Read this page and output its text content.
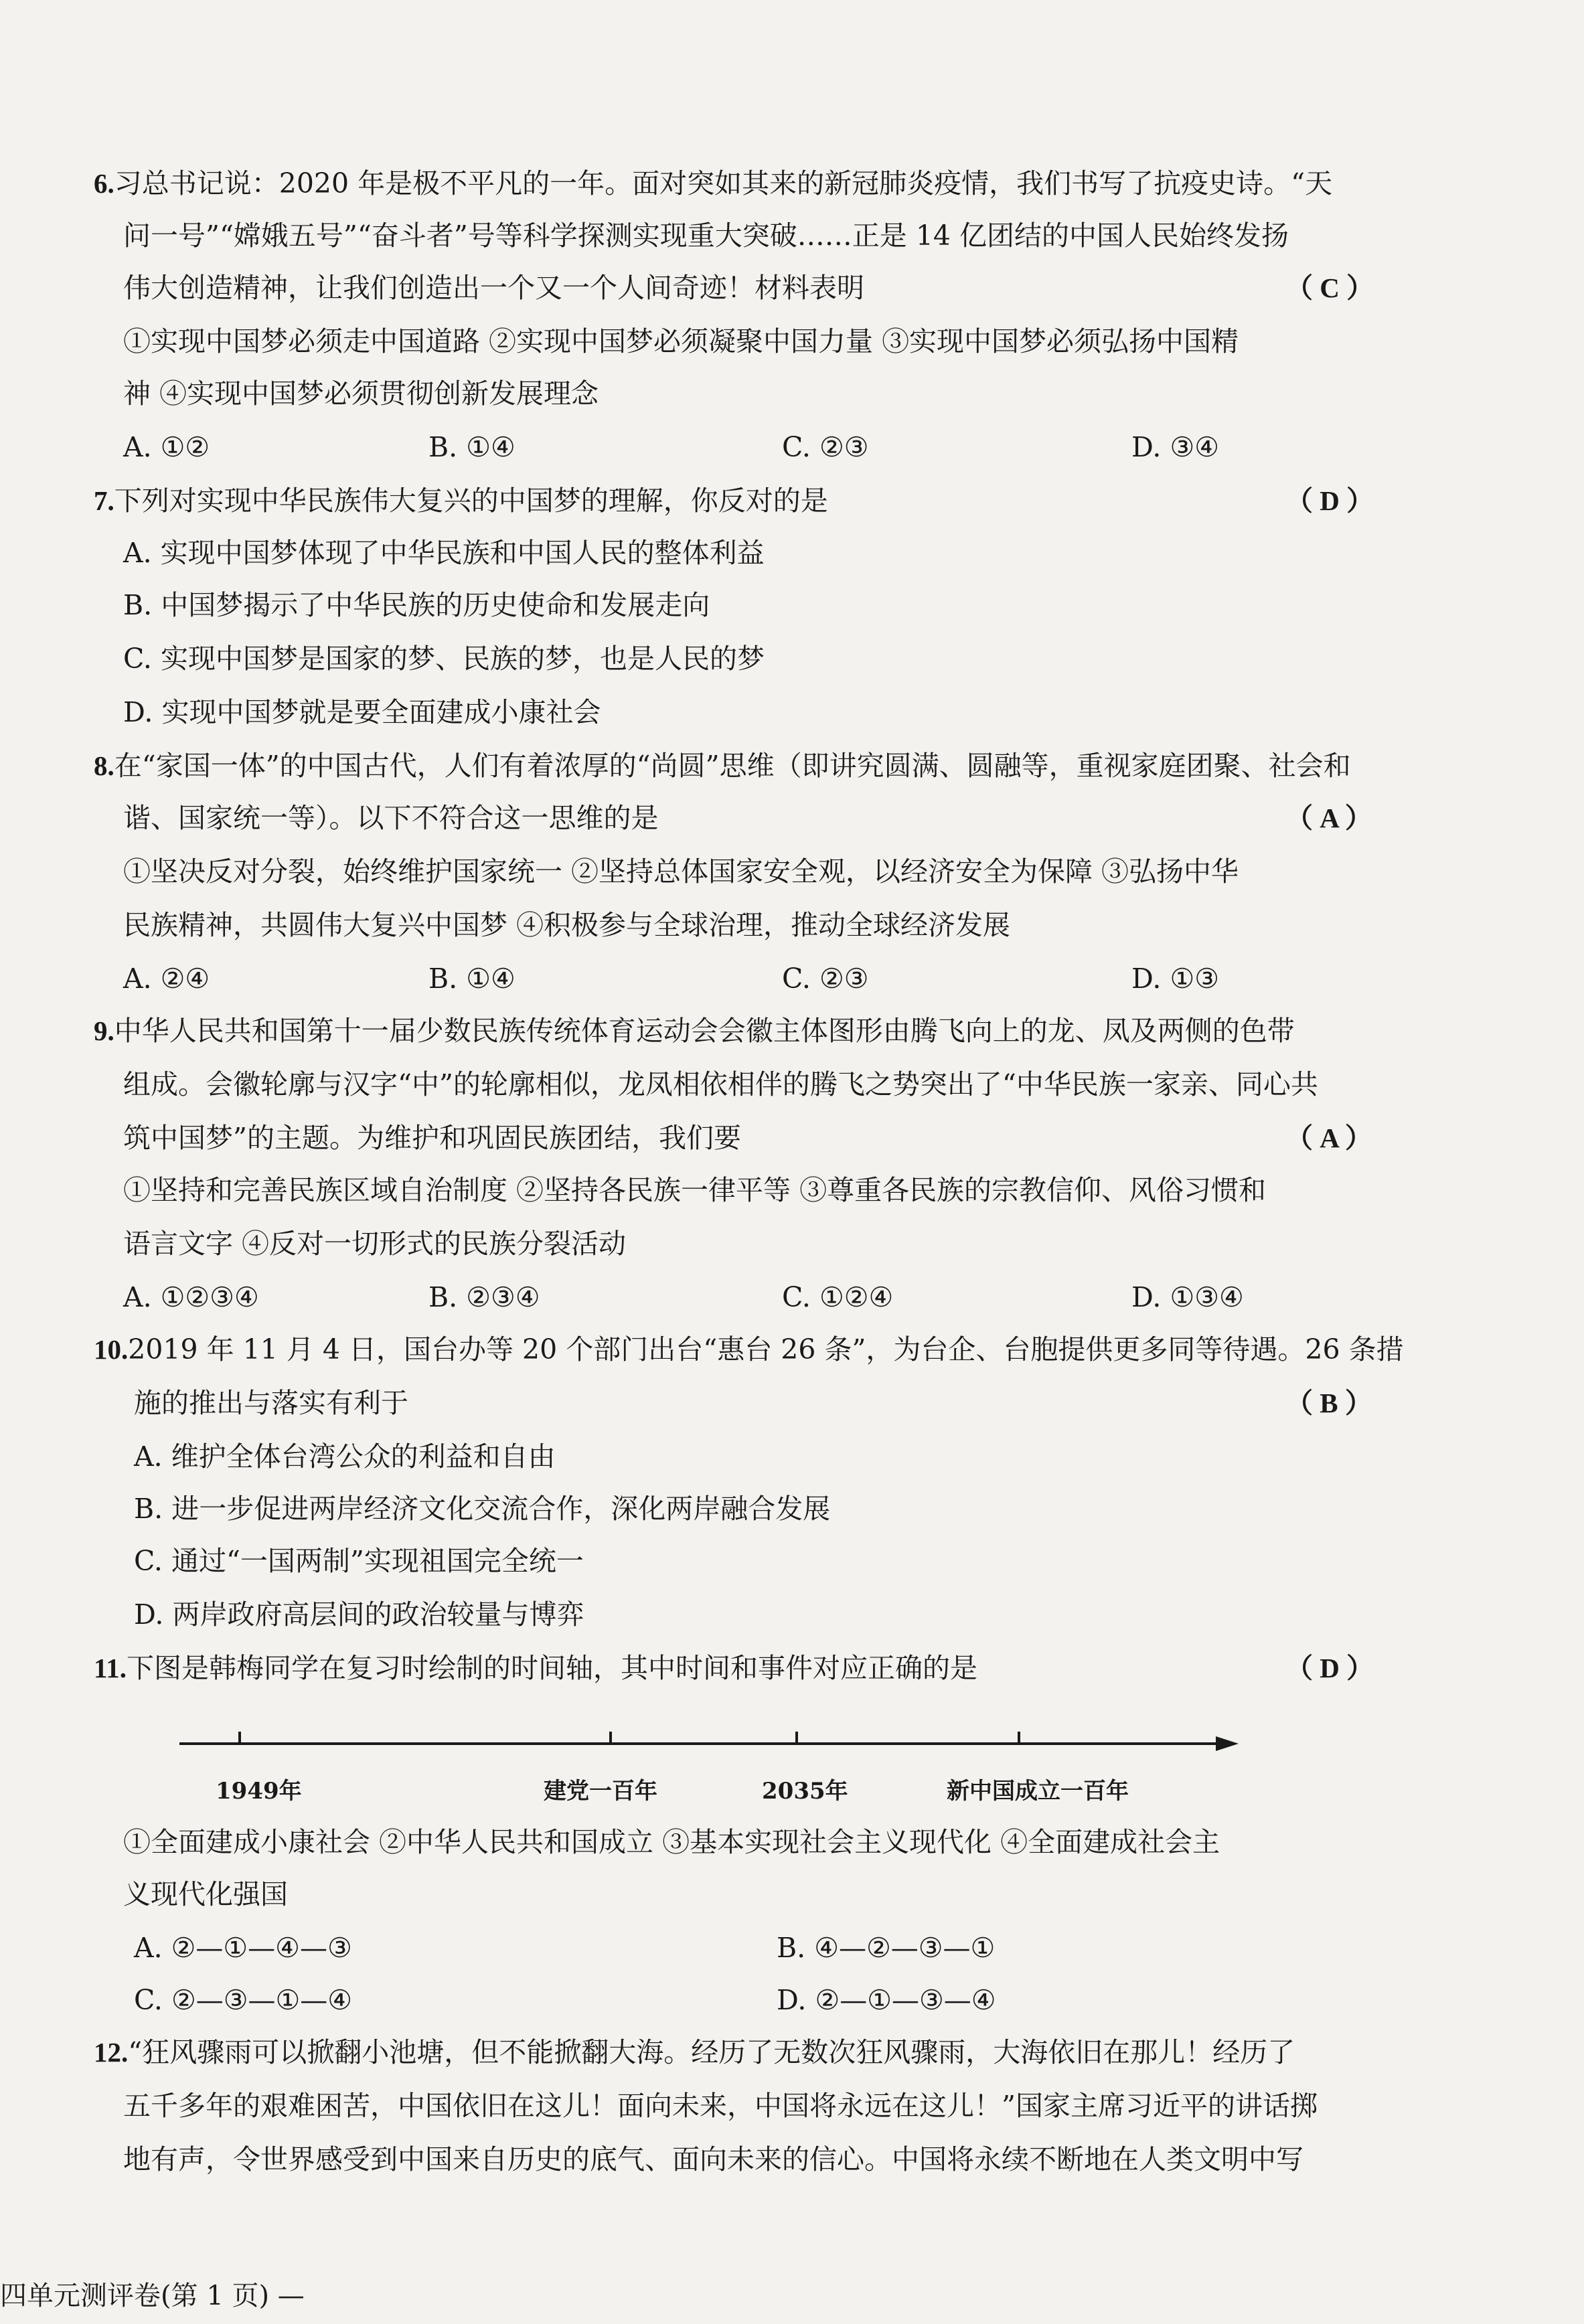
6.习总书记说：2020 年是极不平凡的一年。面对突如其来的新冠肺炎疫情，我们书写了抗疫史诗。“天
问一号”“嫦娥五号”“奋斗者”号等科学探测实现重大突破……正是 14 亿团结的中国人民始终发扬
伟大创造精神，让我们创造出一个又一个人间奇迹！材料表明	（ C ）
①实现中国梦必须走中国道路 ②实现中国梦必须凝聚中国力量 ③实现中国梦必须弘扬中国精
神 ④实现中国梦必须贯彻创新发展理念
A. ①②	B. ①④	C. ②③	D. ③④
7.下列对实现中华民族伟大复兴的中国梦的理解，你反对的是	（ D ）
A. 实现中国梦体现了中华民族和中国人民的整体利益
B. 中国梦揭示了中华民族的历史使命和发展走向
C. 实现中国梦是国家的梦、民族的梦，也是人民的梦
D. 实现中国梦就是要全面建成小康社会
8.在“家国一体”的中国古代，人们有着浓厚的“尚圆”思维（即讲究圆满、圆融等，重视家庭团聚、社会和
谐、国家统一等）。以下不符合这一思维的是	（ A ）
①坚决反对分裂，始终维护国家统一 ②坚持总体国家安全观，以经济安全为保障 ③弘扬中华
民族精神，共圆伟大复兴中国梦 ④积极参与全球治理，推动全球经济发展
A. ②④	B. ①④	C. ②③	D. ①③
9.中华人民共和国第十一届少数民族传统体育运动会会徽主体图形由腾飞向上的龙、凤及两侧的色带
组成。会徽轮廓与汉字“中”的轮廓相似，龙凤相依相伴的腾飞之势突出了“中华民族一家亲、同心共
筑中国梦”的主题。为维护和巩固民族团结，我们要	（ A ）
①坚持和完善民族区域自治制度 ②坚持各民族一律平等 ③尊重各民族的宗教信仰、风俗习惯和
语言文字 ④反对一切形式的民族分裂活动
A. ①②③④	B. ②③④	C. ①②④	D. ①③④
10.2019 年 11 月 4 日，国台办等 20 个部门出台“惠台 26 条”，为台企、台胞提供更多同等待遇。26 条措
施的推出与落实有利于	（ B ）
A. 维护全体台湾公众的利益和自由
B. 进一步促进两岸经济文化交流合作，深化两岸融合发展
C. 通过“一国两制”实现祖国完全统一
D. 两岸政府高层间的政治较量与博弈
11.下图是韩梅同学在复习时绘制的时间轴，其中时间和事件对应正确的是	（ D ）
1949年	建党一百年	2035年	新中国成立一百年
①全面建成小康社会 ②中华人民共和国成立 ③基本实现社会主义现代化 ④全面建成社会主
义现代化强国
A. ②—①—④—③	B. ④—②—③—①
C. ②—③—①—④	D. ②—①—③—④
12.“狂风骤雨可以掀翻小池塘，但不能掀翻大海。经历了无数次狂风骤雨，大海依旧在那儿！经历了
五千多年的艰难困苦，中国依旧在这儿！面向未来，中国将永远在这儿！”国家主席习近平的讲话掷
地有声，令世界感受到中国来自历史的底气、面向未来的信心。中国将永续不断地在人类文明中写
四单元测评卷(第 1 页) —
